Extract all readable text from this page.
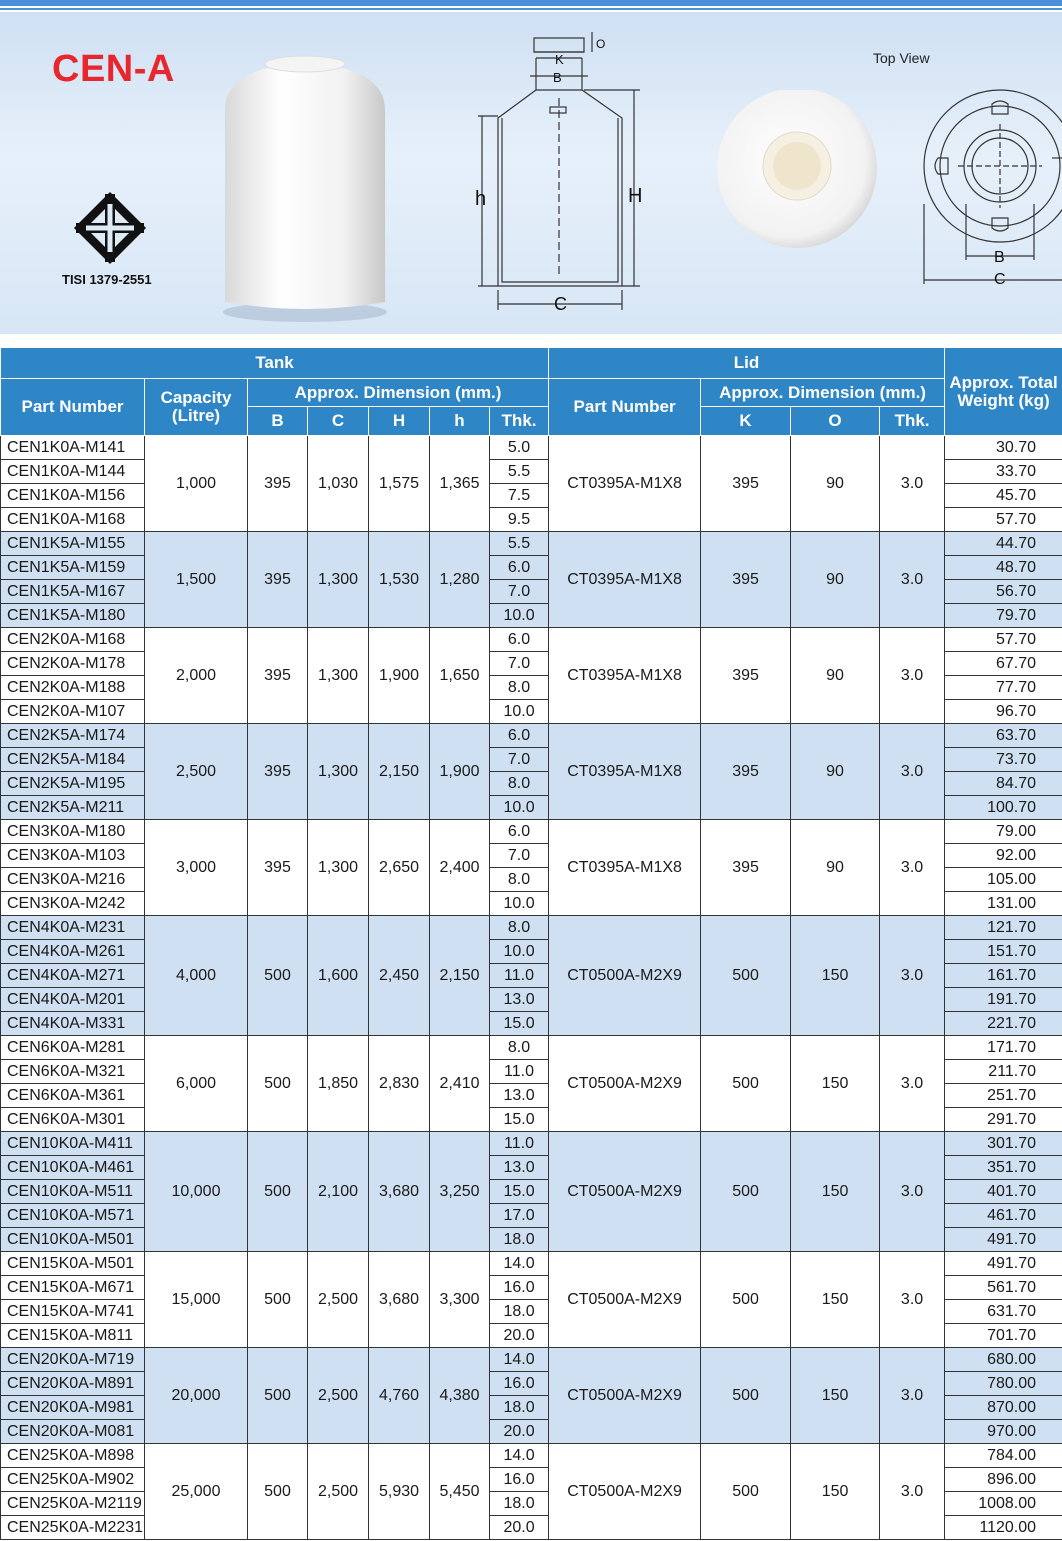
CEN-A
TISI 1379-2551
K
B
O
h	H
C
Top View
B
C
Tank							Lid				Approx. Total Weight (kg)
Part Number	Capacity (Litre)	Approx. Dimension (mm.)					Part Number	Approx. Dimension (mm.)			
		B	C	H	h	Thk.		K	O	Thk.	
CEN1K0A-M141	1,000	395	1,030	1,575	1,365	5.0	CT0395A-M1X8	395	90	3.0	30.70
CEN1K0A-M144						5.5					33.70
CEN1K0A-M156						7.5					45.70
CEN1K0A-M168						9.5					57.70
CEN1K5A-M155	1,500	395	1,300	1,530	1,280	5.5	CT0395A-M1X8	395	90	3.0	44.70
CEN1K5A-M159						6.0					48.70
CEN1K5A-M167						7.0					56.70
CEN1K5A-M180						10.0					79.70
CEN2K0A-M168	2,000	395	1,300	1,900	1,650	6.0	CT0395A-M1X8	395	90	3.0	57.70
CEN2K0A-M178						7.0					67.70
CEN2K0A-M188						8.0					77.70
CEN2K0A-M107						10.0					96.70
CEN2K5A-M174	2,500	395	1,300	2,150	1,900	6.0	CT0395A-M1X8	395	90	3.0	63.70
CEN2K5A-M184						7.0					73.70
CEN2K5A-M195						8.0					84.70
CEN2K5A-M211						10.0					100.70
CEN3K0A-M180	3,000	395	1,300	2,650	2,400	6.0	CT0395A-M1X8	395	90	3.0	79.00
CEN3K0A-M103						7.0					92.00
CEN3K0A-M216						8.0					105.00
CEN3K0A-M242						10.0					131.00
CEN4K0A-M231	4,000	500	1,600	2,450	2,150	8.0	CT0500A-M2X9	500	150	3.0	121.70
CEN4K0A-M261						10.0					151.70
CEN4K0A-M271						11.0					161.70
CEN4K0A-M201						13.0					191.70
CEN4K0A-M331						15.0					221.70
CEN6K0A-M281	6,000	500	1,850	2,830	2,410	8.0	CT0500A-M2X9	500	150	3.0	171.70
CEN6K0A-M321						11.0					211.70
CEN6K0A-M361						13.0					251.70
CEN6K0A-M301						15.0					291.70
CEN10K0A-M411	10,000	500	2,100	3,680	3,250	11.0	CT0500A-M2X9	500	150	3.0	301.70
CEN10K0A-M461						13.0					351.70
CEN10K0A-M511						15.0					401.70
CEN10K0A-M571						17.0					461.70
CEN10K0A-M501						18.0					491.70
CEN15K0A-M501	15,000	500	2,500	3,680	3,300	14.0	CT0500A-M2X9	500	150	3.0	491.70
CEN15K0A-M671						16.0					561.70
CEN15K0A-M741						18.0					631.70
CEN15K0A-M811						20.0					701.70
CEN20K0A-M719	20,000	500	2,500	4,760	4,380	14.0	CT0500A-M2X9	500	150	3.0	680.00
CEN20K0A-M891						16.0					780.00
CEN20K0A-M981						18.0					870.00
CEN20K0A-M081						20.0					970.00
CEN25K0A-M898	25,000	500	2,500	5,930	5,450	14.0	CT0500A-M2X9	500	150	3.0	784.00
CEN25K0A-M902						16.0					896.00
CEN25K0A-M2119						18.0					1008.00
CEN25K0A-M2231						20.0					1120.00
